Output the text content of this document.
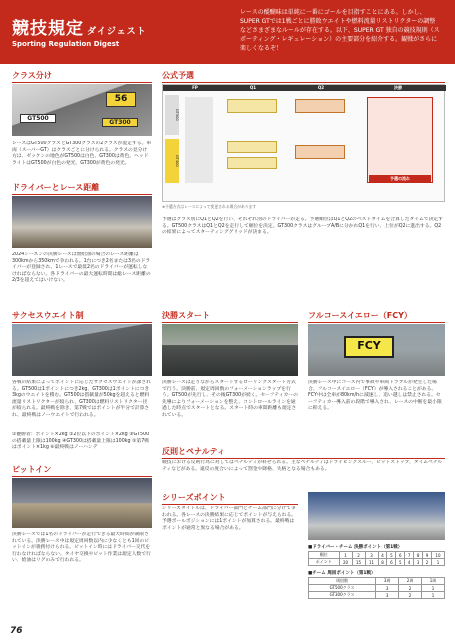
競技規定 ダイジェスト
Sporting Regulation Digest
レースの醍醐味は単純に一番にゴールを目指すことにある。しかし、SUPER GTでは1戦ごとに勝敗ウエイトや燃料流量リストリクターの調整などさまざまなルールが存在する。以下、SUPER GT 独自の競技規則（スポーティング・レギュレーション）の主要部分を紹介する。観戦がさらに楽しくなるぞ！
クラス分け
GT500
56
GT300
レースはGT500クラスとGT300クラスの2クラスが混走する。車両（スーパーGT）はクラスごとに分けられる。クラスの見分け方は、ゼッケンの地色がGT500は白色、GT300は黄色。ヘッドライトはGT500が白色の発光、GT300が黄色の発光。
ドライバーとレース距離
2024シーズンの決勝レースは無給油の場合のレース距離は300kmから350kmで争われる。1台につき2名または3名のドライバーが登録され、1レースで最低2名のドライバーが運転しなければならない。各ドライバーの最大運転時間は総レース距離の2/3を超えてはいけない。
公式予選
FP	Q1	Q2	決勝
GT500
GT300
予選の流れ
※予選方式はレースによって変更される場合があります
予選はクラス別にQ1とQ2を行い、それぞれ別のドライバーが走る。予選順位はQ1とQ2のベストタイムを合算したタイムで決定する。GT500クラスはQ1とQ2を走行して順位を決定。GT300クラスはグループA/Bに分かれQ1を行い、上位がQ2に進出する。Q2の結果によってスターティンググリッドが決まる。
サクセスウエイト制
各戦の結果によってポイントに応じたサクセスウエイトが課される。GT500は1ポイントにつき2kg、GT300は1ポイントにつき3kgのウエイトを積む。GT500は搭載量が50kgを超えると燃料流量リストリクターが絞られ、GT300は燃料リストリクター径が絞られる。最終戦を除き、第7戦ではポイントが半分で計算され、最終戦はノーウエイトで行われる。
①優勝者：ポイント×2kg ②2位以下のポイント×2kg ③GT500の搭載量上限は100kg ④GT300は搭載量上限は100kg ⑤第7戦はポイント×1kg ⑥最終戦はノーハンデ
ピットイン
決勝レースでは1名のドライバーが走行できる最大時間が制限されている。決勝レース中は規定周回数以内に少なくとも1回のピットインが義務付けられる。ピットイン時にはドライバー交代を行わなければならない。タイヤ交換やピット作業は規定人数で行い、給油はリグのみで行われる。
決勝スタート
決勝レースは走りながらスタートするローリングスタート方式で行う。決勝前、規定周回数のフォーメーションラップを行う。GT500が先行し、その後GT300が続く。セーフティカーの先導によりフォーメーションを整え、コントロールラインを通過した時点でスタートとなる。スタート時の車間距離も規定されている。
フルコースイエロー（FCY）
FCY
決勝レース中にコース内で事故や車両トラブルが発生した場合、フルコースイエロー（FCY）が導入されることがある。FCY中は全車が80km/hに減速し、追い越しは禁止される。セーフティカー導入前の段階で導入され、レースの中断を最小限に抑える。
反則とペナルティ
競技における反則行為に対してはペナルティが科せられる。主なペナルティはドライビングスルー、ピットストップ、タイムペナルティなどがある。違反の度合いによって罰金や降格、失格となる場合もある。
シリーズポイント
シリーズタイトルは、ドライバー部門とチーム部門に分けて争われる。各レースの決勝結果に応じてポイントが与えられる。予選ポールポジションには1ポイントが加算される。最終戦はポイントが通常と異なる場合がある。
■ドライバー・チーム 決勝ポイント（第1戦）
順位	1	2	3	4	5	6	7	8	9	10
ポイント	20	15	11	8	6	5	4	3	2	1
■チーム 周回ポイント（第1戦）
周回数	3周	2周	1周
GT500クラス	3	2	1
GT300クラス	3	2	1
76
